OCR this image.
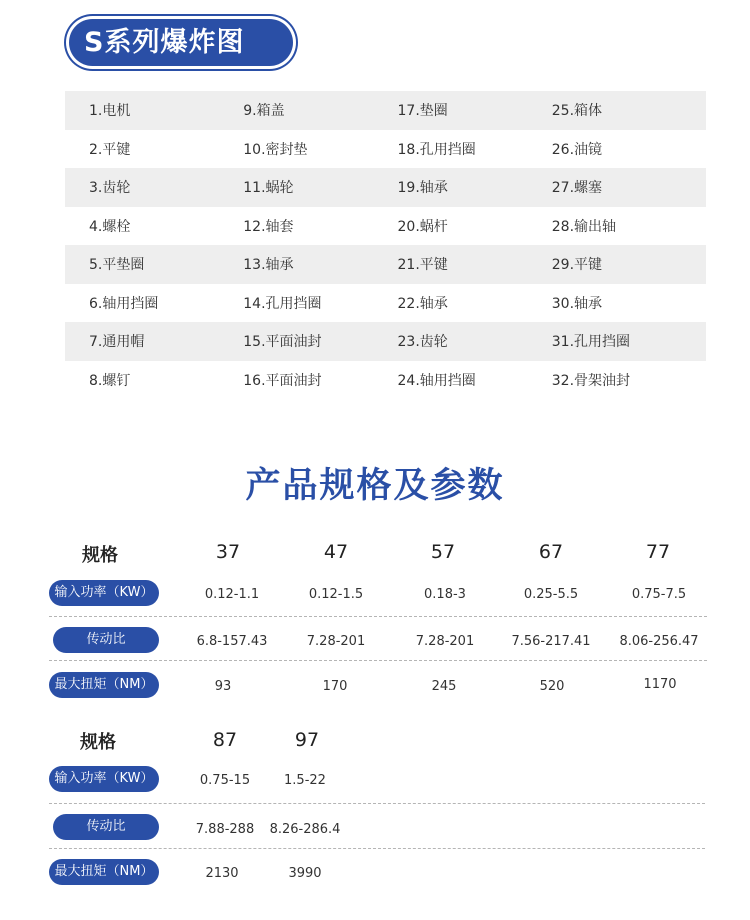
S系列爆炸图
1.电机	9.箱盖	17.垫圈	25.箱体
2.平键	10.密封垫	18.孔用挡圈	26.油镜
3.齿轮	11.蜗轮	19.轴承	27.螺塞
4.螺栓	12.轴套	20.蜗杆	28.输出轴
5.平垫圈	13.轴承	21.平键	29.平键
6.轴用挡圈	14.孔用挡圈	22.轴承	30.轴承
7.通用帽	15.平面油封	23.齿轮	31.孔用挡圈
8.螺钉	16.平面油封	24.轴用挡圈	32.骨架油封
产品规格及参数
规格	37	47	57	67	77
输入功率（KW）	0.12-1.1	0.12-1.5	0.18-3	0.25-5.5	0.75-7.5
传动比	6.8-157.43	7.28-201	7.28-201	7.56-217.41	8.06-256.47
最大扭矩（NM）	93	170	245	520	1170
规格	87	97
输入功率（KW）	0.75-15	1.5-22
传动比	7.88-288	8.26-286.4
最大扭矩（NM）	2130	3990
